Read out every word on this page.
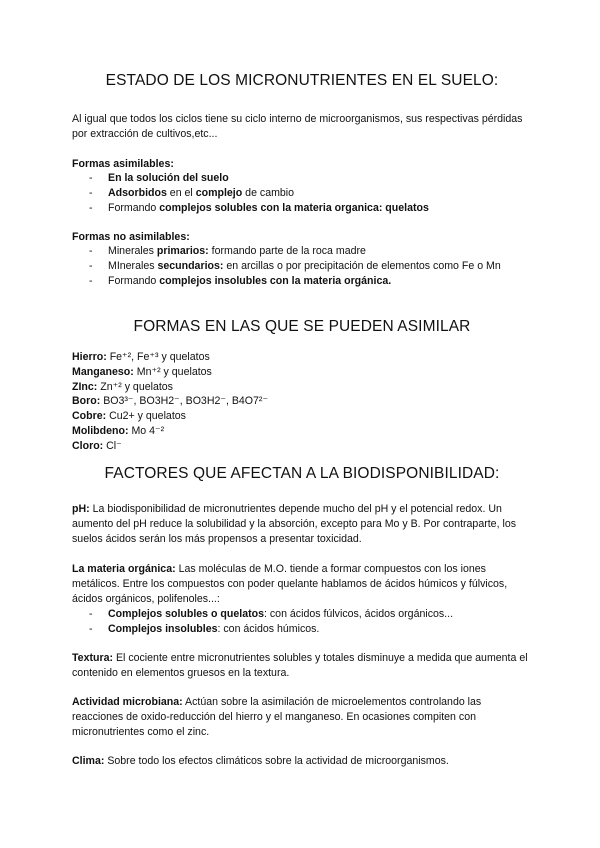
ESTADO DE LOS MICRONUTRIENTES EN EL SUELO:

Al igual que todos los ciclos tiene su ciclo interno de microorganismos, sus respectivas pérdidas por extracción de cultivos,etc...

Formas asimilables:

- En la solución del suelo
- Adsorbidos en el complejo de cambio
- Formando complejos solubles con la materia organica: quelatos

Formas no asimilables:

- Minerales primarios: formando parte de la roca madre
- MInerales secundarios: en arcillas o por precipitación de elementos como Fe o Mn
- Formando complejos insolubles con la materia orgánica.
FORMAS EN LAS QUE SE PUEDEN ASIMILAR
Hierro: Fe⁺², Fe⁺³ y quelatos
Manganeso: Mn⁺² y quelatos
ZInc: Zn⁺² y quelatos
Boro: BO3³⁻, BO3H2⁻, BO3H2⁻, B4O7²⁻
Cobre: Cu2+ y quelatos
Molibdeno: Mo 4⁻²
Cloro: Cl⁻
FACTORES QUE AFECTAN A LA BIODISPONIBILIDAD:

pH: La biodisponibilidad de micronutrientes depende mucho del pH y el potencial redox. Un aumento del pH reduce la solubilidad y la absorción, excepto para Mo y B. Por contraparte, los suelos ácidos serán los más propensos a presentar toxicidad.

La materia orgánica: Las moléculas de M.O. tiende a formar compuestos con los iones metálicos. Entre los compuestos con poder quelante hablamos de ácidos húmicos y fúlvicos, ácidos orgánicos, polifenoles...:

- Complejos solubles o quelatos: con ácidos fúlvicos, ácidos orgánicos...
- Complejos insolubles: con ácidos húmicos.

Textura: El cociente entre micronutrientes solubles y totales disminuye a medida que aumenta el contenido en elementos gruesos en la textura.

Actividad microbiana: Actúan sobre la asimilación de microelementos controlando las reacciones de oxido-reducción del hierro y el manganeso. En ocasiones compiten con micronutrientes como el zinc.

Clima: Sobre todo los efectos climáticos sobre la actividad de microorganismos.
